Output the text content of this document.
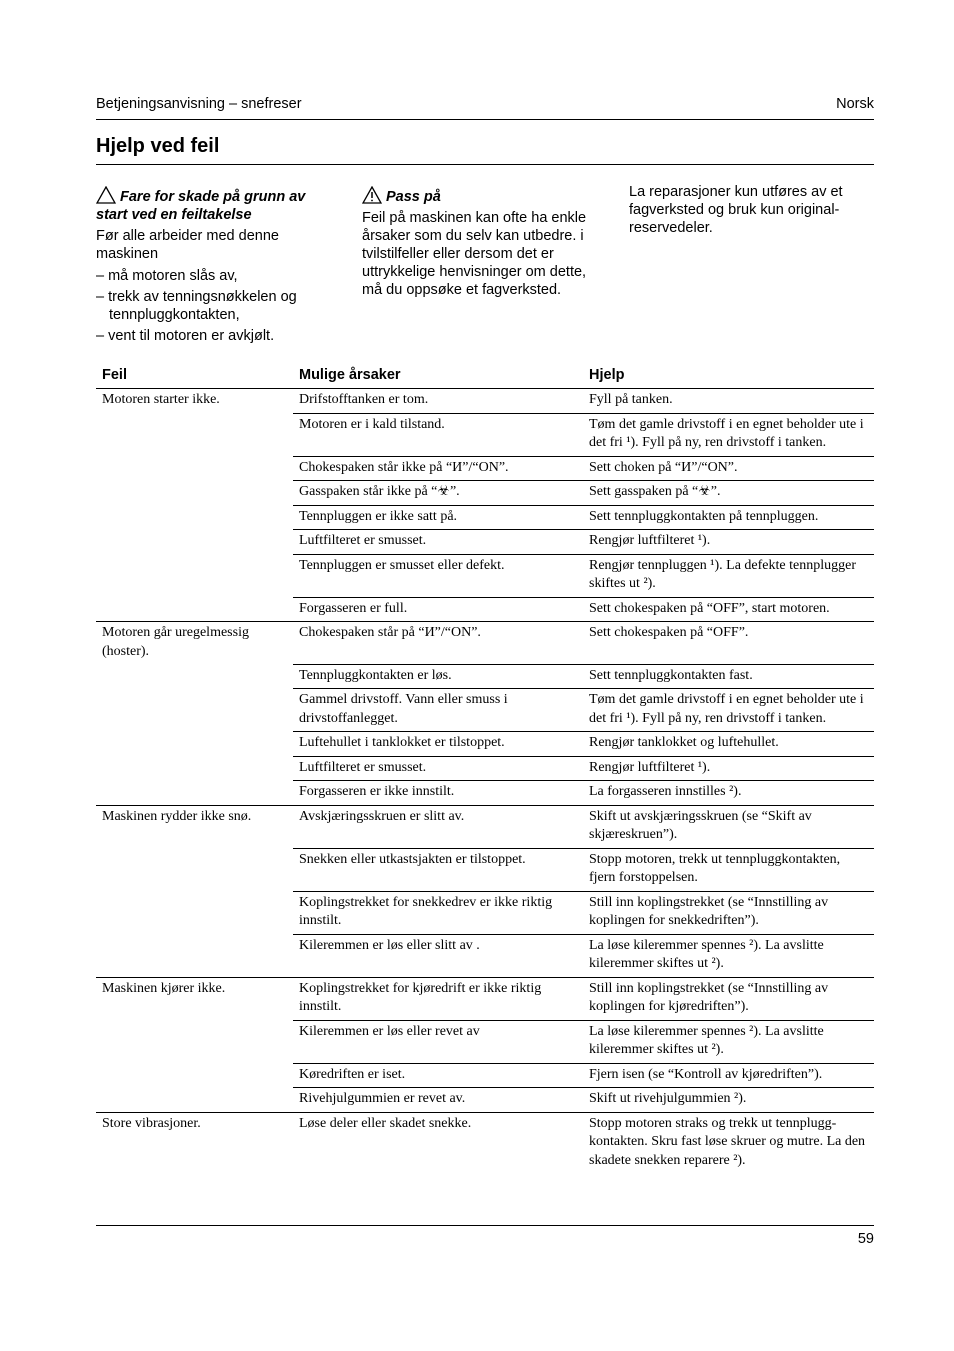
Betjeningsanvisning – snefreser	Norsk
Hjelp ved feil

Fare for skade på grunn av start ved en feiltakelse

Før alle arbeider med denne maskinen

– må motoren slås av,

– trekk av tenningsnøkkelen og tennpluggkontakten,

– vent til motoren er avkjølt.

Pass på

Feil på maskinen kan ofte ha enkle årsaker som du selv kan utbedre. i tvilstilfeller eller dersom det er uttrykkelige henvisninger om dette, må du oppsøke et fagverksted.

La reparasjoner kun utføres av et fagverksted og bruk kun original-reservedeler.

Feil	Mulige årsaker	Hjelp
Motoren starter ikke.	Drifstofftanken er tom.	Fyll på tanken.
	Motoren er i kald tilstand.	Tøm det gamle drivstoff i en egnet beholder ute i det fri ¹). Fyll på ny, ren drivstoff i tanken.
	Chokespaken står ikke på “И”/“ON”.	Sett choken på “И”/“ON”.
	Gasspaken står ikke på “☣”.	Sett gasspaken på “☣”.
	Tennpluggen er ikke satt på.	Sett tennpluggkontakten på tennpluggen.
	Luftfilteret er smusset.	Rengjør luftfilteret ¹).
	Tennpluggen er smusset eller defekt.	Rengjør tennpluggen ¹). La defekte tennplugger skiftes ut ²).
	Forgasseren er full.	Sett chokespaken på “OFF”, start motoren.
Motoren går uregelmessig (hoster).	Chokespaken står på “И”/“ON”.	Sett chokespaken på “OFF”.
	Tennpluggkontakten er løs.	Sett tennpluggkontakten fast.
	Gammel drivstoff. Vann eller smuss i drivstoffanlegget.	Tøm det gamle drivstoff i en egnet beholder ute i det fri ¹). Fyll på ny, ren drivstoff i tanken.
	Luftehullet i tanklokket er tilstoppet.	Rengjør tanklokket og luftehullet.
	Luftfilteret er smusset.	Rengjør luftfilteret ¹).
	Forgasseren er ikke innstilt.	La forgasseren innstilles ²).
Maskinen rydder ikke snø.	Avskjæringsskruen er slitt av.	Skift ut avskjæringsskruen (se “Skift av skjæreskruen”).
	Snekken eller utkastsjakten er tilstoppet.	Stopp motoren, trekk ut tennpluggkontakten, fjern forstoppelsen.
	Koplingstrekket for snekkedrev er ikke riktig innstilt.	Still inn koplingstrekket (se “Innstilling av koplingen for snekkedriften”).
	Kileremmen er løs eller slitt av .	La løse kileremmer spennes ²). La avslitte kileremmer skiftes ut ²).
Maskinen kjører ikke.	Koplingstrekket for kjøredrift er ikke riktig innstilt.	Still inn koplingstrekket (se “Innstilling av koplingen for kjøredriften”).
	Kileremmen er løs eller revet av	La løse kileremmer spennes ²). La avslitte kileremmer skiftes ut ²).
	Køredriften er iset.	Fjern isen (se “Kontroll av kjøredriften”).
	Rivehjulgummien er revet av.	Skift ut rivehjulgummien ²).
Store vibrasjoner.	Løse deler eller skadet snekke.	Stopp motoren straks og trekk ut tennplugg-kontakten. Skru fast løse skruer og mutre. La den skadete snekken reparere ²).
59
